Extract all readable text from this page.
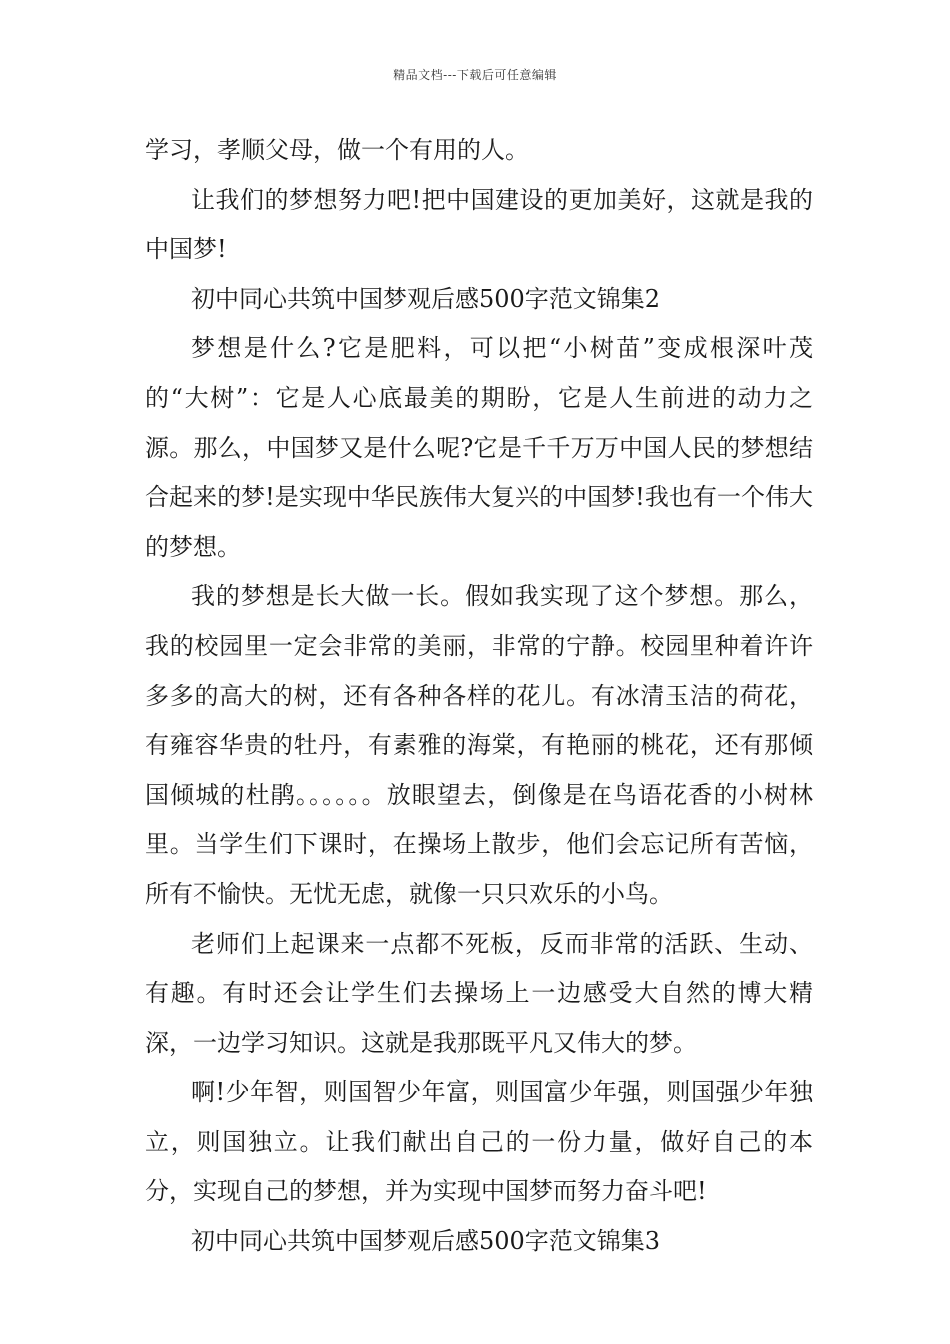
精品文档---下载后可任意编辑

学习，孝顺父母，做一个有用的人。

让我们的梦想努力吧!把中国建设的更加美好，这就是我的中国梦!

初中同心共筑中国梦观后感500字范文锦集2

梦想是什么?它是肥料，可以把“小树苗”变成根深叶茂的“大树”：它是人心底最美的期盼，它是人生前进的动力之源。那么，中国梦又是什么呢?它是千千万万中国人民的梦想结合起来的梦!是实现中华民族伟大复兴的中国梦!我也有一个伟大的梦想。

我的梦想是长大做一长。假如我实现了这个梦想。那么，我的校园里一定会非常的美丽，非常的宁静。校园里种着许许多多的高大的树，还有各种各样的花儿。有冰清玉洁的荷花，有雍容华贵的牡丹，有素雅的海棠，有艳丽的桃花，还有那倾国倾城的杜鹃。。。。。。放眼望去，倒像是在鸟语花香的小树林里。当学生们下课时，在操场上散步，他们会忘记所有苦恼，所有不愉快。无忧无虑，就像一只只欢乐的小鸟。

老师们上起课来一点都不死板，反而非常的活跃、生动、有趣。有时还会让学生们去操场上一边感受大自然的博大精深，一边学习知识。这就是我那既平凡又伟大的梦。

啊!少年智，则国智少年富，则国富少年强，则国强少年独立，则国独立。让我们献出自己的一份力量，做好自己的本分，实现自己的梦想，并为实现中国梦而努力奋斗吧!

初中同心共筑中国梦观后感500字范文锦集3
